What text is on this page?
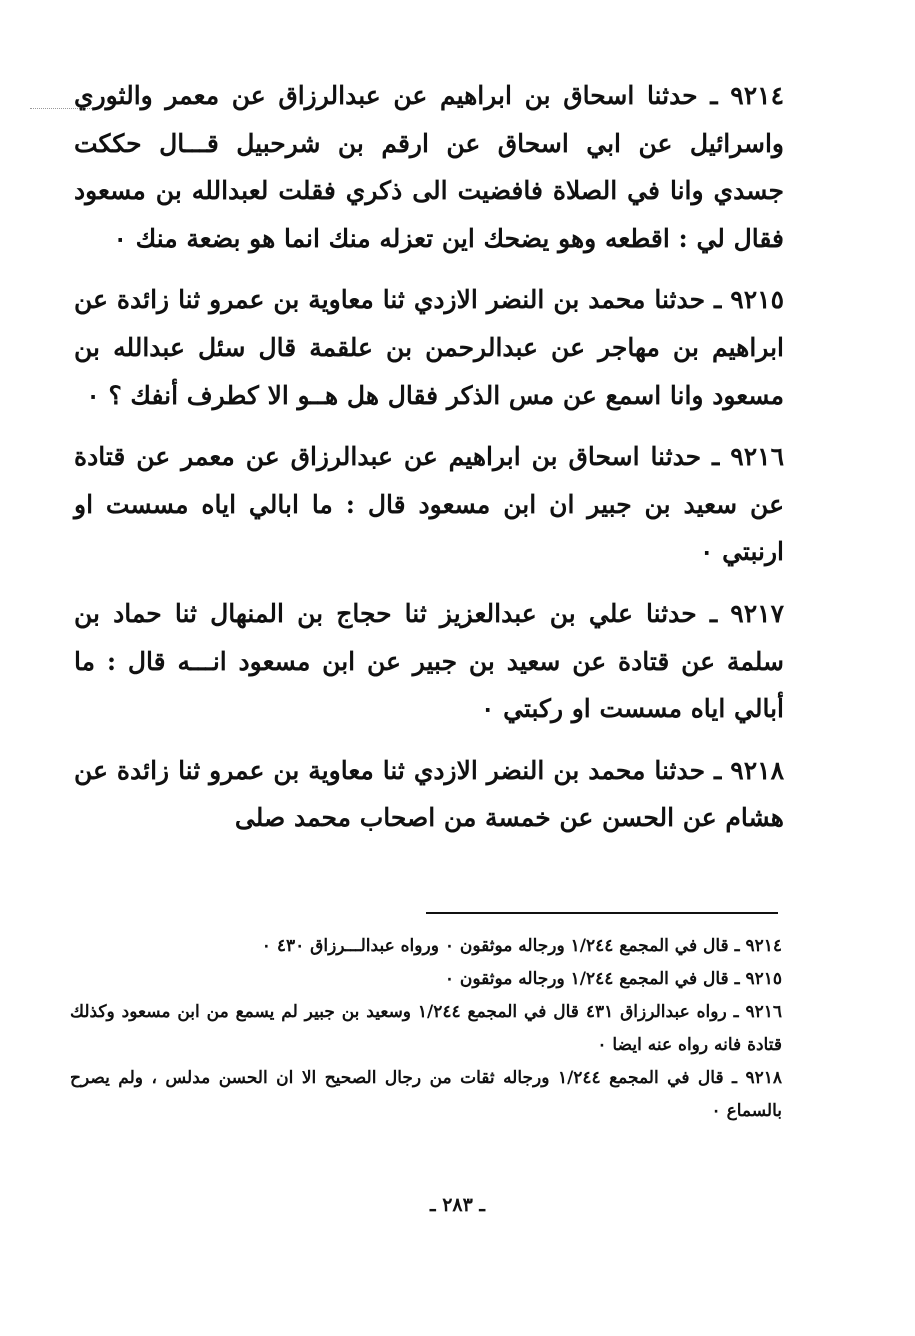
٩٢١٤ ـ حدثنا اسحاق بن ابراهيم عن عبدالرزاق عن معمر والثوري واسرائيل عن ابي اسحاق عن ارقم بن شرحبيل قـــال حككت جسدي وانا في الصلاة فافضيت الى ذكري فقلت لعبدالله بن مسعود فقال لي : اقطعه وهو يضحك اين تعزله منك انما هو بضعة منك ٠

٩٢١٥ ـ حدثنا محمد بن النضر الازدي ثنا معاوية بن عمرو ثنا زائدة عن ابراهيم بن مهاجر عن عبدالرحمن بن علقمة قال سئل عبدالله بن مسعود وانا اسمع عن مس الذكر فقال هل هــو الا كطرف أنفك ؟ ٠

٩٢١٦ ـ حدثنا اسحاق بن ابراهيم عن عبدالرزاق عن معمر عن قتادة عن سعيد بن جبير ان ابن مسعود قال : ما ابالي اياه مسست او ارنبتي ٠

٩٢١٧ ـ حدثنا علي بن عبدالعزيز ثنا حجاج بن المنهال ثنا حماد بن سلمة عن قتادة عن سعيد بن جبير عن ابن مسعود انـــه قال : ما أبالي اياه مسست او ركبتي ٠

٩٢١٨ ـ حدثنا محمد بن النضر الازدي ثنا معاوية بن عمرو ثنا زائدة عن هشام عن الحسن عن خمسة من اصحاب محمد صلى

٩٢١٤ ـ قال في المجمع ١/٢٤٤ ورجاله موثقون ٠ ورواه عبدالـــرزاق ٤٣٠ ٠

٩٢١٥ ـ قال في المجمع ١/٢٤٤ ورجاله موثقون ٠

٩٢١٦ ـ رواه عبدالرزاق ٤٣١ قال في المجمع ١/٢٤٤ وسعيد بن جبير لم يسمع من ابن مسعود وكذلك قتادة فانه رواه عنه ايضا ٠

٩٢١٨ ـ قال في المجمع ١/٢٤٤ ورجاله ثقات من رجال الصحيح الا ان الحسن مدلس ، ولم يصرح بالسماع ٠

ـ ٢٨٣ ـ
